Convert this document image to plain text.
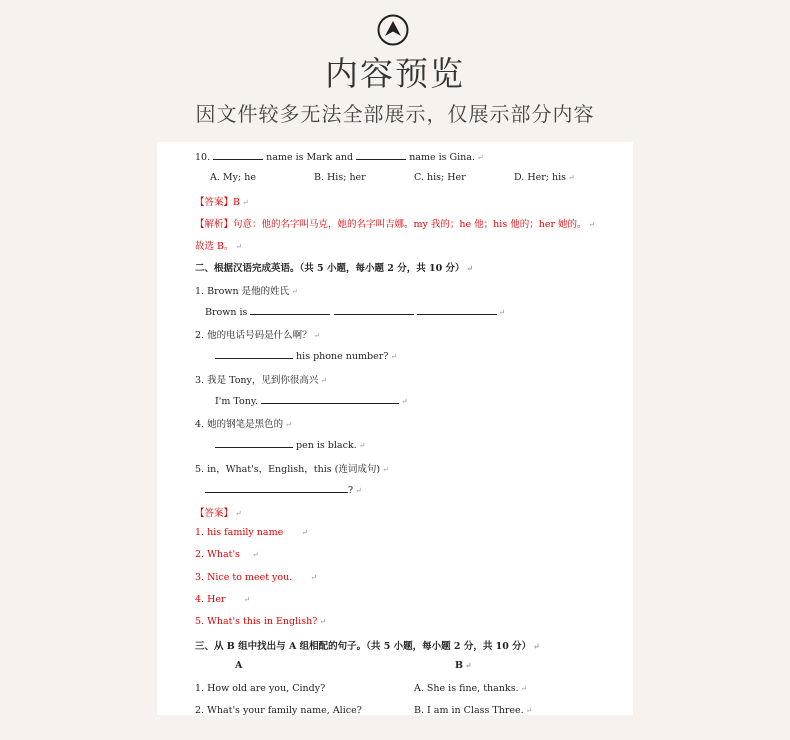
内容预览
因文件较多无法全部展示，仅展示部分内容
10.	name is Mark and	name is Gina. ↵
A. My; he	B. His; her	C. his; Her	D. Her; his ↵
【答案】B ↵
【解析】句意：他的名字叫马克，她的名字叫吉娜。my 我的；he 他；his 他的；her 她的。 ↵
故选 B。 ↵
二、根据汉语完成英语。（共 5 小题，每小题 2 分，共 10 分） ↵
1. Brown 是他的姓氏 ↵
Brown is	↵
2. 他的电话号码是什么啊？ ↵
his phone number? ↵
3. 我是 Tony，见到你很高兴 ↵
I'm Tony.	↵
4. 她的钢笔是黑色的 ↵
pen is black. ↵
5. in，What's，English，this (连词成句) ↵
? ↵
【答案】 ↵
1. his family name ↵
2. What's ↵
3. Nice to meet you. ↵
4. Her ↵
5. What's this in English? ↵
三、从 B 组中找出与 A 组相配的句子。（共 5 小题，每小题 2 分，共 10 分） ↵
A	B ↵
1. How old are you, Cindy?	A. She is fine, thanks. ↵
2. What's your family name, Alice?	B. I am in Class Three. ↵
